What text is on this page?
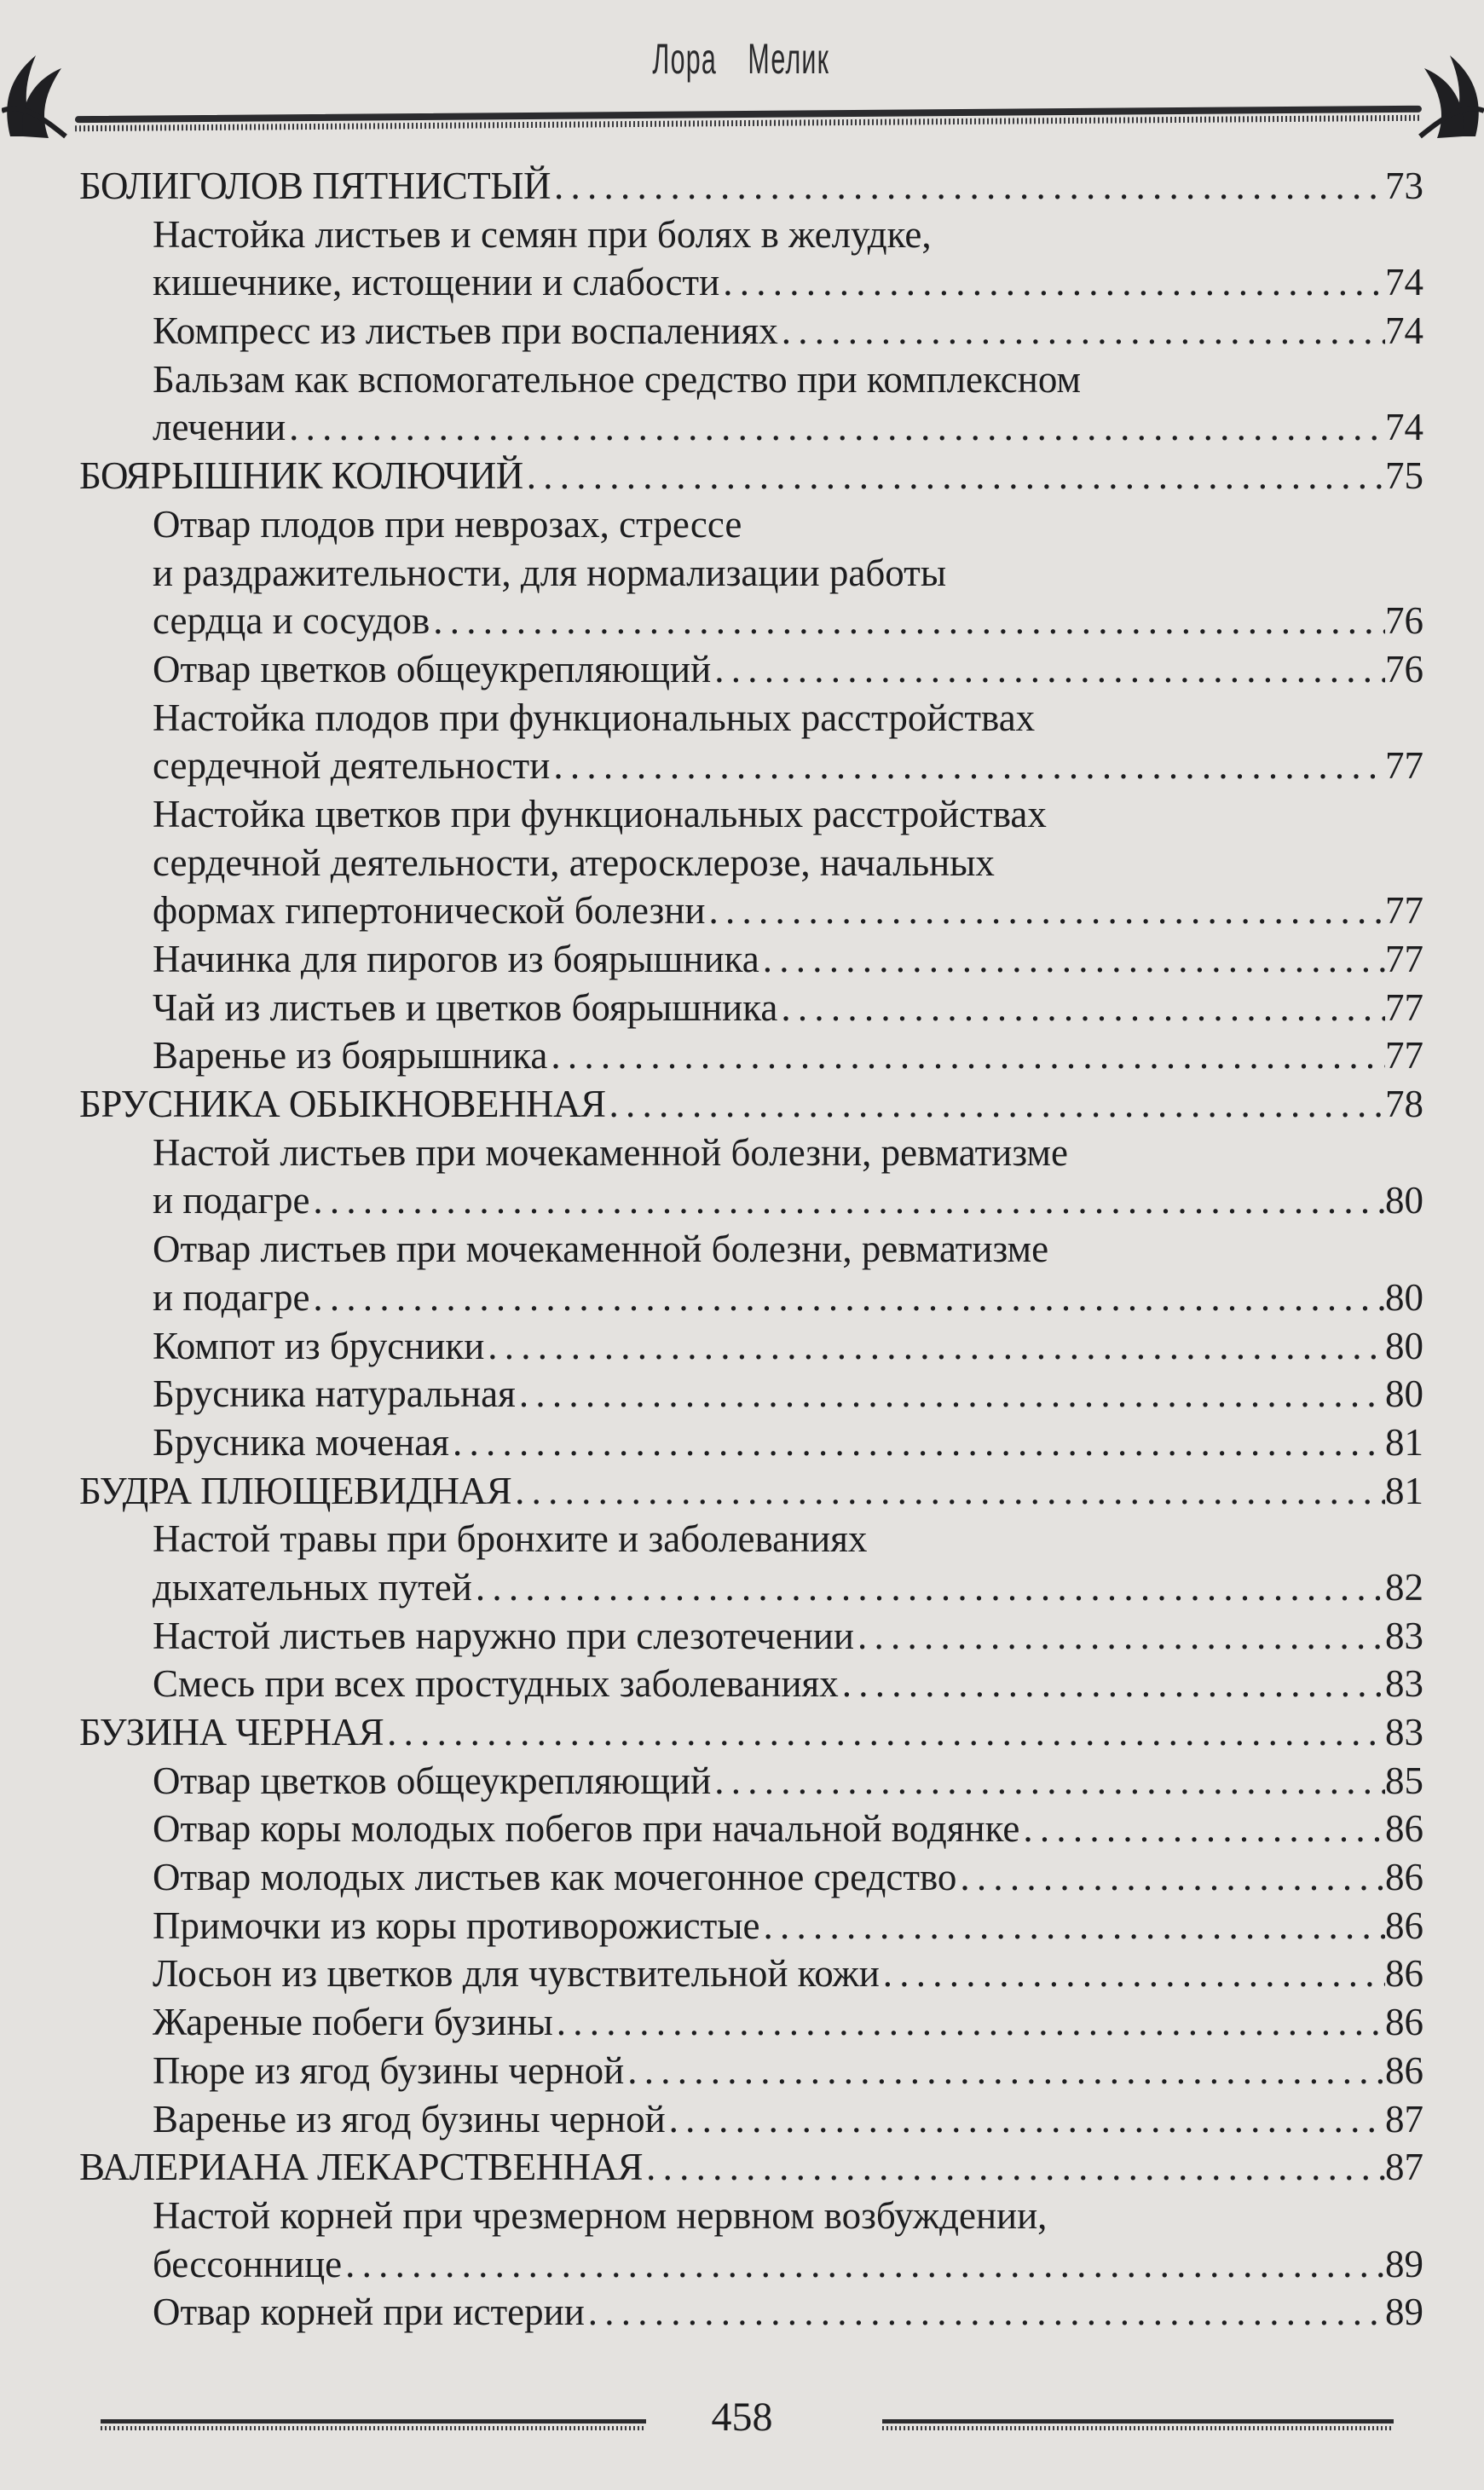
Лора Мелик
БОЛИГОЛОВ ПЯТНИСТЫЙ . . .	73
Настойка листьев и семян при болях в желудке,
кишечнике, истощении и слабости . . .	74
Компресс из листьев при воспалениях . . .	74
Бальзам как вспомогательное средство при комплексном
лечении . . .	74
БОЯРЫШНИК КОЛЮЧИЙ . . .	75
Отвар плодов при неврозах, стрессе
и раздражительности, для нормализации работы
сердца и сосудов . . .	76
Отвар цветков общеукрепляющий . . .	76
Настойка плодов при функциональных расстройствах
сердечной деятельности . . .	77
Настойка цветков при функциональных расстройствах
сердечной деятельности, атеросклерозе, начальных
формах гипертонической болезни . . .	77
Начинка для пирогов из боярышника . . .	77
Чай из листьев и цветков боярышника . . .	77
Варенье из боярышника . . .	77
БРУСНИКА ОБЫКНОВЕННАЯ . . .	78
Настой листьев при мочекаменной болезни, ревматизме
и подагре . . .	80
Отвар листьев при мочекаменной болезни, ревматизме
и подагре . . .	80
Компот из брусники . . .	80
Брусника натуральная . . .	80
Брусника моченая . . .	81
БУДРА ПЛЮЩЕВИДНАЯ . . .	81
Настой травы при бронхите и заболеваниях
дыхательных путей . . .	82
Настой листьев наружно при слезотечении . . .	83
Смесь при всех простудных заболеваниях . . .	83
БУЗИНА ЧЕРНАЯ . . .	83
Отвар цветков общеукрепляющий . . .	85
Отвар коры молодых побегов при начальной водянке . . .	86
Отвар молодых листьев как мочегонное средство . . .	86
Примочки из коры противорожистые . . .	86
Лосьон из цветков для чувствительной кожи . . .	86
Жареные побеги бузины . . .	86
Пюре из ягод бузины черной . . .	86
Варенье из ягод бузины черной . . .	87
ВАЛЕРИАНА ЛЕКАРСТВЕННАЯ . . .	87
Настой корней при чрезмерном нервном возбуждении,
бессоннице . . .	89
Отвар корней при истерии . . .	89
458
